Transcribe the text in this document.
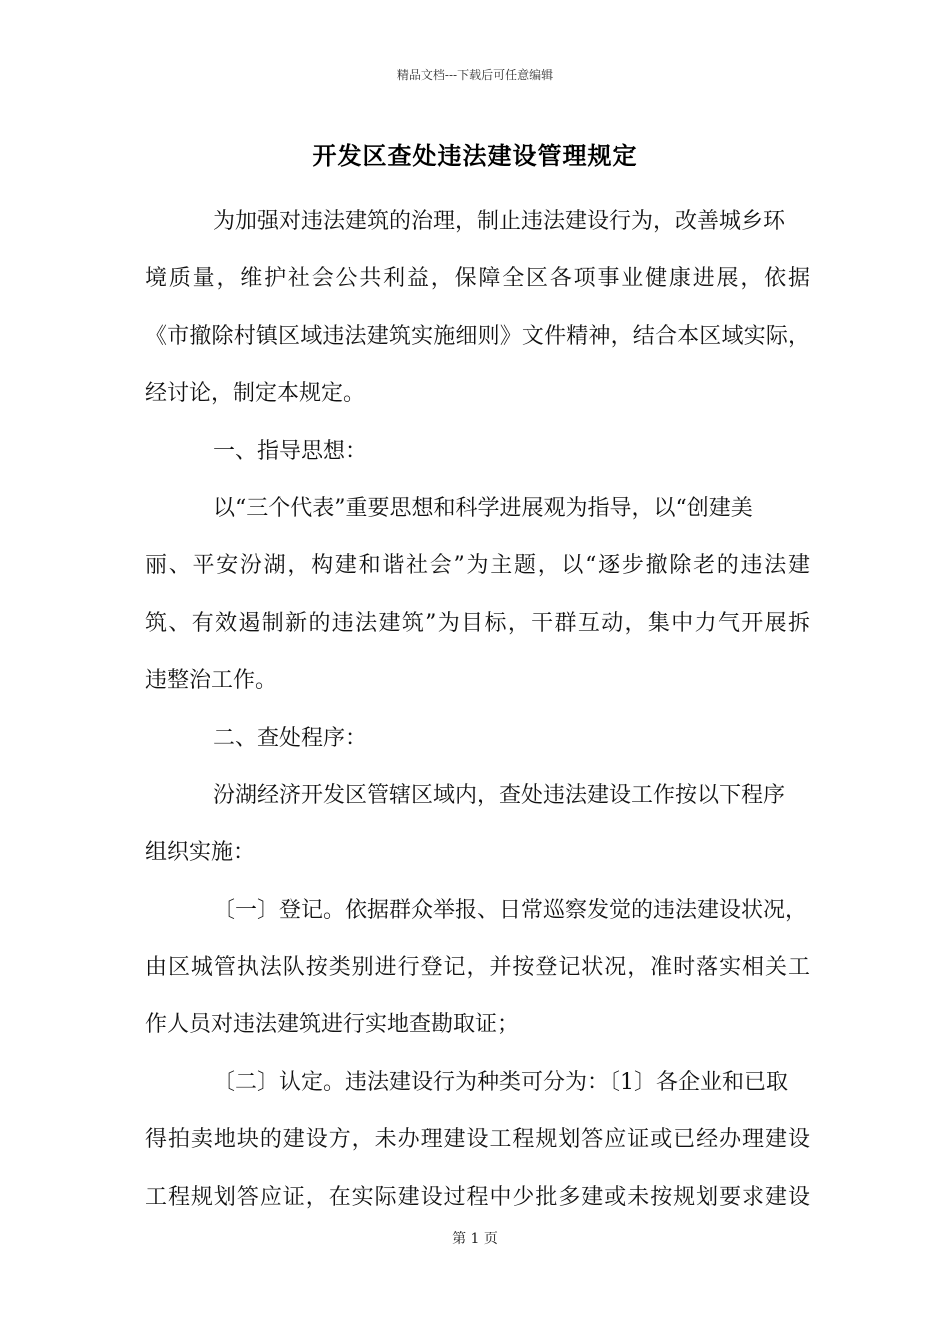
精品文档---下载后可任意编辑
开发区查处违法建设管理规定
为加强对违法建筑的治理，制止违法建设行为，改善城乡环
境质量，维护社会公共利益，保障全区各项事业健康进展，依据
《市撤除村镇区域违法建筑实施细则》文件精神，结合本区域实际，
经讨论，制定本规定。
一、指导思想：
以“三个代表”重要思想和科学进展观为指导，以“创建美
丽、平安汾湖，构建和谐社会”为主题，以“逐步撤除老的违法建
筑、有效遏制新的违法建筑”为目标，干群互动，集中力气开展拆
违整治工作。
二、查处程序：
汾湖经济开发区管辖区域内，查处违法建设工作按以下程序
组织实施：
〔一〕登记。依据群众举报、日常巡察发觉的违法建设状况，
由区城管执法队按类别进行登记，并按登记状况，准时落实相关工
作人员对违法建筑进行实地查勘取证；
〔二〕认定。违法建设行为种类可分为：〔1〕各企业和已取
得拍卖地块的建设方，未办理建设工程规划答应证或已经办理建设
工程规划答应证，在实际建设过程中少批多建或未按规划要求建设
第 1 页
